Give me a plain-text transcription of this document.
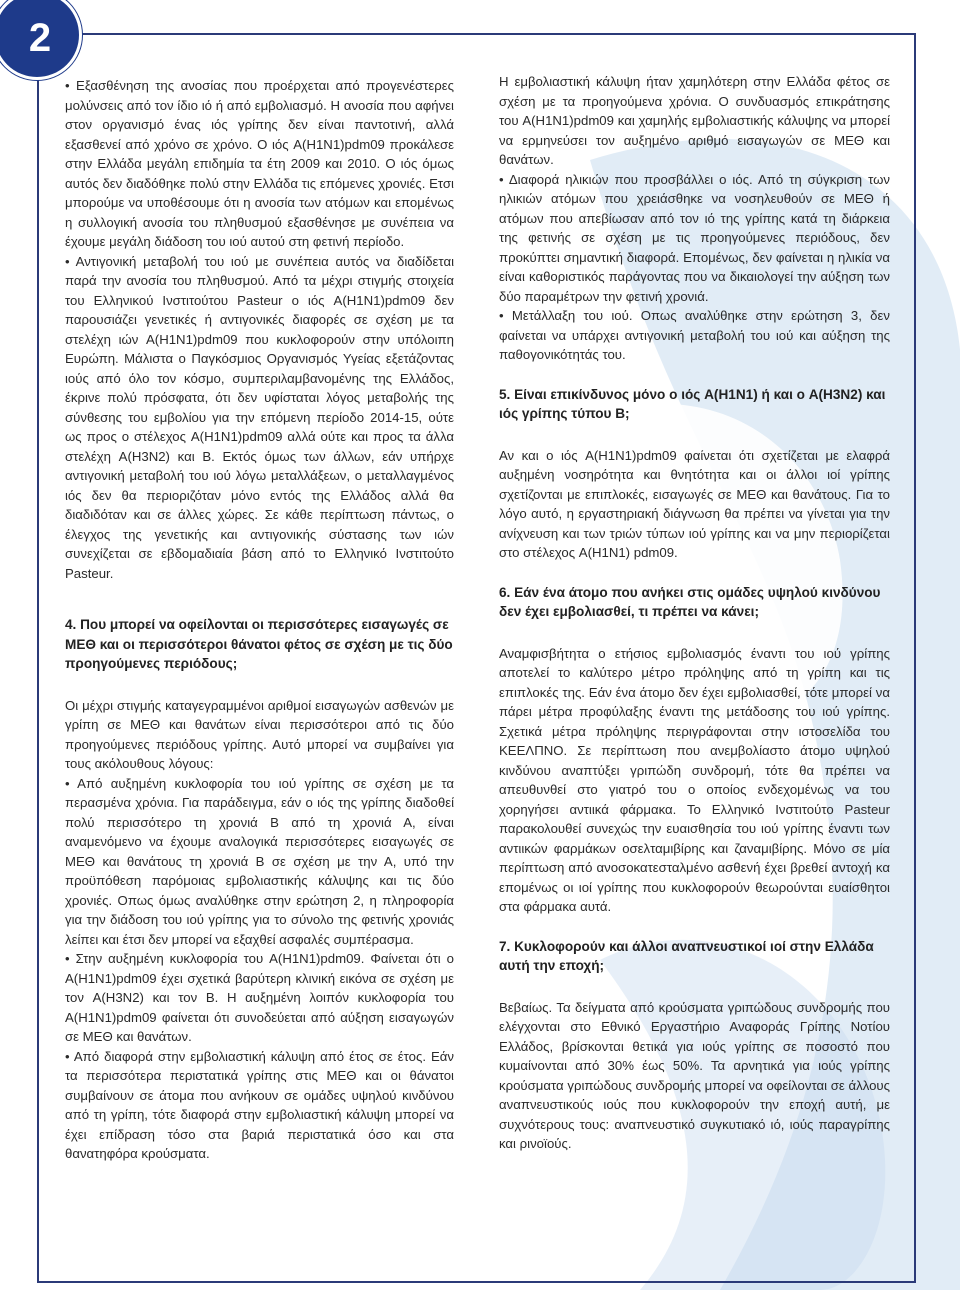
2

• Εξασθένηση της ανοσίας που προέρχεται από προγενέστερες μολύνσεις από τον ίδιο ιό ή από εμβολιασμό. Η ανοσία που αφήνει στον οργανισμό ένας ιός γρίπης δεν είναι παντοτινή, αλλά εξασθενεί από χρόνο σε χρόνο. Ο ιός A(H1N1)pdm09 προκάλεσε στην Ελλάδα μεγάλη επιδημία τα έτη 2009 και 2010. Ο ιός όμως αυτός δεν διαδόθηκε πολύ στην Ελλάδα τις επόμενες χρονιές. Ετσι μπορούμε να υποθέσουμε ότι η ανοσία των ατόμων και επομένως η συλλογική ανοσία του πληθυσμού εξασθένησε με συνέπεια να έχουμε μεγάλη διάδοση του ιού αυτού στη φετινή περίοδο.

• Αντιγονική μεταβολή του ιού με συνέπεια αυτός να διαδίδεται παρά την ανοσία του πληθυσμού. Από τα μέχρι στιγμής στοιχεία του Ελληνικού Ινστιτούτου Pasteur ο ιός A(H1N1)pdm09 δεν παρουσιάζει γενετικές ή αντιγονικές διαφορές σε σχέση με τα στελέχη ιών A(H1N1)pdm09 που κυκλοφορούν στην υπόλοιπη Ευρώπη. Μάλιστα ο Παγκόσμιος Οργανισμός Υγείας εξετάζοντας ιούς από όλο τον κόσμο, συμπεριλαμβανομένης της Ελλάδος, έκρινε πολύ πρόσφατα, ότι δεν υφίσταται λόγος μεταβολής της σύνθεσης του εμβολίου για την επόμενη περίοδο 2014-15, ούτε ως προς ο στέλεχος A(H1N1)pdm09 αλλά ούτε και προς τα άλλα στελέχη A(H3N2) και B. Εκτός όμως των άλλων, εάν υπήρχε αντιγονική μεταβολή του ιού λόγω μεταλλάξεων, ο μεταλλαγμένος ιός δεν θα περιοριζόταν μόνο εντός της Ελλάδος αλλά θα διαδιδόταν και σε άλλες χώρες. Σε κάθε περίπτωση πάντως, ο έλεγχος της γενετικής και αντιγονικής σύστασης των ιών συνεχίζεται σε εβδομαδιαία βάση από το Ελληνικό Ινστιτούτο Pasteur.

4. Που μπορεί να οφείλονται οι περισσότερες εισαγωγές σε ΜΕΘ και οι περισσότεροι θάνατοι φέτος σε σχέση με τις δύο προηγούμενες περιόδους;

Οι μέχρι στιγμής καταγεγραμμένοι αριθμοί εισαγωγών ασθενών με γρίπη σε ΜΕΘ και θανάτων είναι περισσότεροι από τις δύο προηγούμενες περιόδους γρίπης. Αυτό μπορεί να συμβαίνει για τους ακόλουθους λόγους:

• Από αυξημένη κυκλοφορία του ιού γρίπης σε σχέση με τα περασμένα χρόνια. Για παράδειγμα, εάν ο ιός της γρίπης διαδοθεί πολύ περισσότερο τη χρονιά Β από τη χρονιά Α, είναι αναμενόμενο να έχουμε αναλογικά περισσότερες εισαγωγές σε ΜΕΘ και θανάτους τη χρονιά Β σε σχέση με την Α, υπό την προϋπόθεση παρόμοιας εμβολιαστικής κάλυψης και τις δύο χρονιές. Οπως όμως αναλύθηκε στην ερώτηση 2, η πληροφορία για την διάδοση του ιού γρίπης για το σύνολο της φετινής χρονιάς λείπει και έτσι δεν μπορεί να εξαχθεί ασφαλές συμπέρασμα.

• Στην αυξημένη κυκλοφορία του A(H1N1)pdm09. Φαίνεται ότι ο A(H1N1)pdm09 έχει σχετικά βαρύτερη κλινική εικόνα σε σχέση με τον A(H3N2) και τον B. Η αυξημένη λοιπόν κυκλοφορία του A(H1N1)pdm09 φαίνεται ότι συνοδεύεται από αύξηση εισαγωγών σε ΜΕΘ και θανάτων.

• Από διαφορά στην εμβολιαστική κάλυψη από έτος σε έτος. Εάν τα περισσότερα περιστατικά γρίπης στις ΜΕΘ και οι θάνατοι συμβαίνουν σε άτομα που ανήκουν σε ομάδες υψηλού κινδύνου από τη γρίπη, τότε διαφορά στην εμβολιαστική κάλυψη μπορεί να έχει επίδραση τόσο στα βαριά περιστατικά όσο και στα θανατηφόρα κρούσματα.

Η εμβολιαστική κάλυψη ήταν χαμηλότερη στην Ελλάδα φέτος σε σχέση με τα προηγούμενα χρόνια. Ο συνδυασμός επικράτησης του A(H1N1)pdm09 και χαμηλής εμβολιαστικής κάλυψης να μπορεί να ερμηνεύσει τον αυξημένο αριθμό εισαγωγών σε ΜΕΘ και θανάτων.

• Διαφορά ηλικιών που προσβάλλει ο ιός. Από τη σύγκριση των ηλικιών ατόμων που χρειάσθηκε να νοσηλευθούν σε ΜΕΘ ή ατόμων που απεβίωσαν από τον ιό της γρίπης κατά τη διάρκεια της φετινής σε σχέση με τις προηγούμενες περιόδους, δεν προκύπτει σημαντική διαφορά. Επομένως, δεν φαίνεται η ηλικία να είναι καθοριστικός παράγοντας που να δικαιολογεί την αύξηση των δύο παραμέτρων την φετινή χρονιά.

• Μετάλλαξη του ιού. Οπως αναλύθηκε στην ερώτηση 3, δεν φαίνεται να υπάρχει αντιγονική μεταβολή του ιού και αύξηση της παθογονικότητάς του.

5. Είναι επικίνδυνος μόνο ο ιός A(H1N1) ή και ο A(H3N2) και ιός γρίπης τύπου Β;

Αν και ο ιός A(H1N1)pdm09 φαίνεται ότι σχετίζεται με ελαφρά αυξημένη νοσηρότητα και θνητότητα και οι άλλοι ιοί γρίπης σχετίζονται με επιπλοκές, εισαγωγές σε ΜΕΘ και θανάτους. Για το λόγο αυτό, η εργαστηριακή διάγνωση θα πρέπει να γίνεται για την ανίχνευση και των τριών τύπων ιού γρίπης και να μην περιορίζεται στο στέλεχος A(H1N1) pdm09.

6. Εάν ένα άτομο που ανήκει στις ομάδες υψηλού κινδύνου δεν έχει εμβολιασθεί, τι πρέπει να κάνει;

Αναμφισβήτητα ο ετήσιος εμβολιασμός έναντι του ιού γρίπης αποτελεί το καλύτερο μέτρο πρόληψης από τη γρίπη και τις επιπλοκές της. Εάν ένα άτομο δεν έχει εμβολιασθεί, τότε μπορεί να πάρει μέτρα προφύλαξης έναντι της μετάδοσης του ιού γρίπης. Σχετικά μέτρα πρόληψης περιγράφονται στην ιστοσελίδα του ΚΕΕΛΠΝΟ. Σε περίπτωση που ανεμβολίαστο άτομο υψηλού κινδύνου αναπτύξει γριπώδη συνδρομή, τότε θα πρέπει να απευθυνθεί στο γιατρό του ο οποίος ενδεχομένως να του χορηγήσει αντιικά φάρμακα. Το Ελληνικό Ινστιτούτο Pasteur παρακολουθεί συνεχώς την ευαισθησία του ιού γρίπης έναντι των αντιικών φαρμάκων οσελταμιβίρης και ζαναμιβίρης. Μόνο σε μία περίπτωση από ανοσοκατεσταλμένο ασθενή έχει βρεθεί αντοχή κα επομένως οι ιοί γρίπης που κυκλοφορούν θεωρούνται ευαίσθητοι στα φάρμακα αυτά.

7. Κυκλοφορούν και άλλοι αναπνευστικοί ιοί στην Ελλάδα αυτή την εποχή;

Βεβαίως. Τα δείγματα από κρούσματα γριπώδους συνδρομής που ελέγχονται στο Εθνικό Εργαστήριο Αναφοράς Γρίπης Νοτίου Ελλάδος, βρίσκονται θετικά για ιούς γρίπης σε ποσοστό που κυμαίνονται από 30% έως 50%. Τα αρνητικά για ιούς γρίπης κρούσματα γριπώδους συνδρομής μπορεί να οφείλονται σε άλλους αναπνευστικούς ιούς που κυκλοφορούν την εποχή αυτή, με συχνότερους τους: αναπνευστικό συγκυτιακό ιό, ιούς παραγρίπης και ρινοϊούς.
